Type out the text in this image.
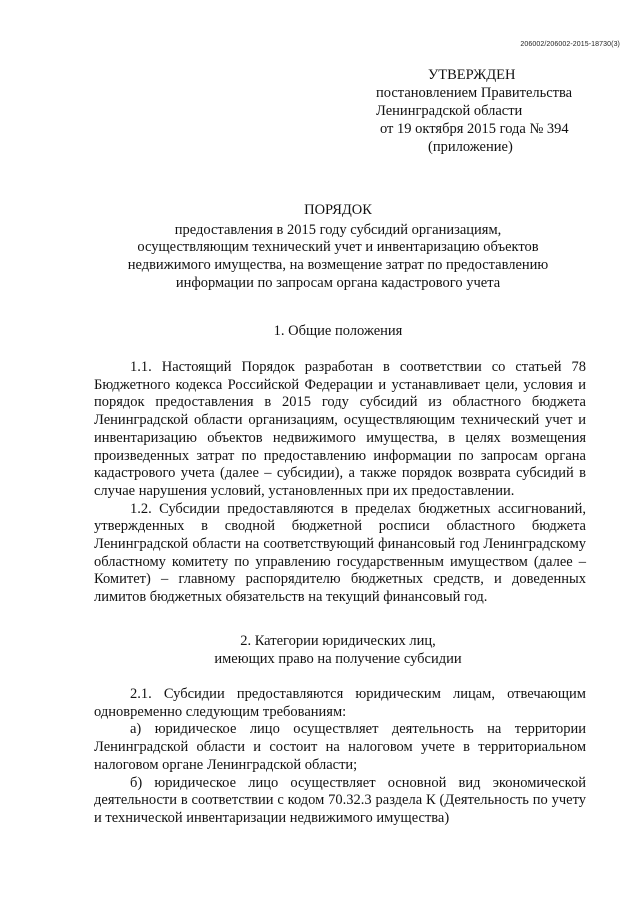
206002/206002-2015-18730(3)
УТВЕРЖДЕН
постановлением Правительства
Ленинградской области
от 19 октября 2015 года № 394
(приложение)
ПОРЯДОК
предоставления в 2015 году субсидий организациям,
осуществляющим технический учет и инвентаризацию объектов
недвижимого имущества, на возмещение затрат по предоставлению
информации по запросам органа кадастрового учета
1. Общие положения

1.1. Настоящий Порядок разработан в соответствии со статьей 78 Бюджетного кодекса Российской Федерации и устанавливает цели, условия и порядок предоставления в 2015 году субсидий из областного бюджета Ленинградской области организациям, осуществляющим технический учет и инвентаризацию объектов недвижимого имущества, в целях возмещения произведенных затрат по предоставлению информации по запросам органа кадастрового учета (далее – субсидии), а также порядок возврата субсидий в случае нарушения условий, установленных при их предоставлении.

1.2. Субсидии предоставляются в пределах бюджетных ассигнований, утвержденных в сводной бюджетной росписи областного бюджета Ленинградской области на соответствующий финансовый год Ленинградскому областному комитету по управлению государственным имуществом (далее – Комитет) – главному распорядителю бюджетных средств, и доведенных лимитов бюджетных обязательств на текущий финансовый год.

2. Категории юридических лиц,
имеющих право на получение субсидии

2.1. Субсидии предоставляются юридическим лицам, отвечающим одновременно следующим требованиям:

а) юридическое лицо осуществляет деятельность на территории Ленинградской области и состоит на налоговом учете в территориальном налоговом органе Ленинградской области;

б) юридическое лицо осуществляет основной вид экономической деятельности в соответствии с кодом 70.32.3 раздела К (Деятельность по учету и технической инвентаризации недвижимого имущества)
